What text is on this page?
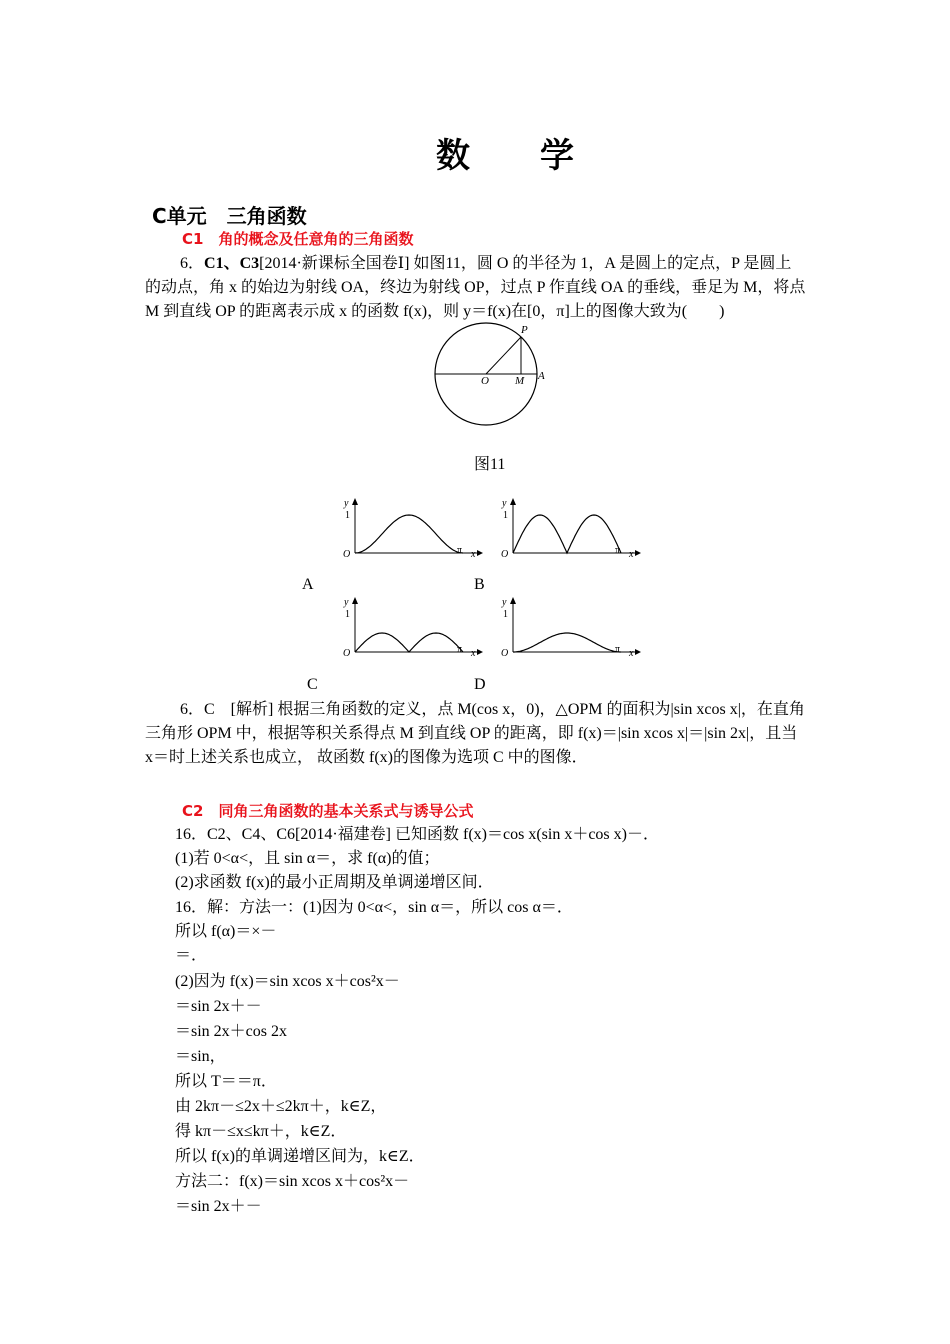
数 学
C单元　三角函数
C1　角的概念及任意角的三角函数
6．C1、C3[2014·新课标全国卷Ⅰ] 如图11，圆 O 的半径为 1，A 是圆上的定点，P 是圆上
的动点，角 x 的始边为射线 OA，终边为射线 OP，过点 P 作直线 OA 的垂线，垂足为 M，将点
M 到直线 OP 的距离表示成 x 的函数 f(x)，则 y＝f(x)在[0，π]上的图像大致为(　　)
P
O M A
图11
y
1
O	π x
y
1
O	π x
A	B
y
1
O	π x
y
1
O	π x
C	D
6．C　[解析] 根据三角函数的定义，点 M(cos x，0)，△OPM 的面积为|sin xcos x|，在直角
三角形 OPM 中，根据等积关系得点 M 到直线 OP 的距离，即 f(x)＝|sin xcos x|＝|sin 2x|，且当
x＝时上述关系也成立， 故函数 f(x)的图像为选项 C 中的图像．
C2　同角三角函数的基本关系式与诱导公式
16．C2、C4、C6[2014·福建卷] 已知函数 f(x)＝cos x(sin x＋cos x)－．
(1)若 0<α<，且 sin α＝，求 f(α)的值；
(2)求函数 f(x)的最小正周期及单调递增区间．
16．解：方法一：(1)因为 0<α<，sin α＝，所以 cos α＝．
所以 f(α)＝×－
＝．
(2)因为 f(x)＝sin xcos x＋cos²x－
＝sin 2x＋－
＝sin 2x＋cos 2x
＝sin，
所以 T＝＝π．
由 2kπ－≤2x＋≤2kπ＋，k∈Z，
得 kπ－≤x≤kπ＋，k∈Z．
所以 f(x)的单调递增区间为，k∈Z．
方法二：f(x)＝sin xcos x＋cos²x－
＝sin 2x＋－
